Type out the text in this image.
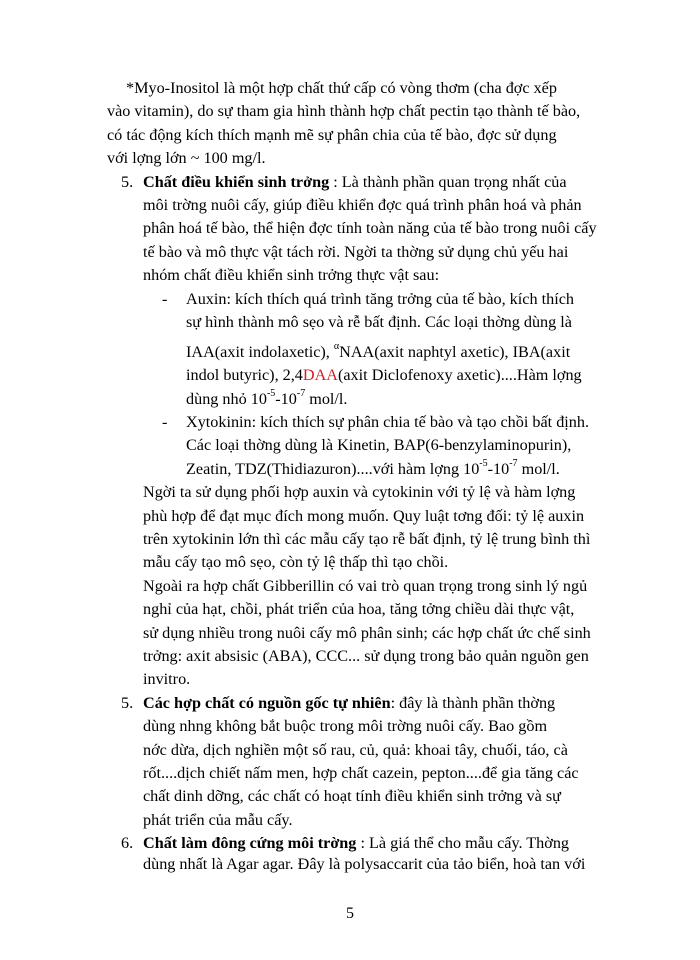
*Myo-Inositol là một hợp chất thứ cấp có vòng thơm (cha đợc xếp
vào vitamin), do sự tham gia hình thành hợp chất pectin tạo thành tế bào,
có tác động kích thích mạnh mẽ sự phân chia của tế bào, đợc sử dụng
với lợng lớn ~ 100 mg/l.
5. Chất điều khiển sinh trởng : Là thành phần quan trọng nhất của
môi trờng nuôi cấy, giúp điều khiển đợc quá trình phân hoá và phản
phân hoá tế bào, thể hiện đợc tính toàn năng của tế bào trong nuôi cấy
tế bào và mô thực vật tách rời. Ngời ta thờng sử dụng chủ yếu hai
nhóm chất điều khiển sinh trởng thực vật sau:
- Auxin: kích thích quá trình tăng trởng của tế bào, kích thích
sự hình thành mô sẹo và rễ bất định. Các loại thờng dùng là
IAA(axit indolaxetic), $^\alpha$NAA(axit naphtyl axetic), IBA(axit
indol butyric), 2,4DAA(axit Diclofenoxy axetic)....Hàm lợng
dùng nhỏ $10^{-5}-10^{-7}$ mol/l.
- Xytokinin: kích thích sự phân chia tế bào và tạo chồi bất định.
Các loại thờng dùng là Kinetin, BAP(6-benzylaminopurin),
Zeatin, TDZ(Thidiazuron)....với hàm lợng $10^{-5}-10^{-7}$ mol/l.
Ngời ta sử dụng phối hợp auxin và cytokinin với tỷ lệ và hàm lợng
phù hợp để đạt mục đích mong muốn. Quy luật tơng đối: tỷ lệ auxin
trên xytokinin lớn thì các mẫu cấy tạo rễ bất định, tỷ lệ trung bình thì
mẫu cấy tạo mô sẹo, còn tỷ lệ thấp thì tạo chồi.
Ngoài ra hợp chất Gibberillin có vai trò quan trọng trong sinh lý ngủ
nghỉ của hạt, chồi, phát triển của hoa, tăng tởng chiều dài thực vật,
sử dụng nhiều trong nuôi cấy mô phân sinh; các hợp chất ức chế sinh
trởng: axit absisic (ABA), CCC... sử dụng trong bảo quản nguồn gen
invitro.
5. Các hợp chất có nguồn gốc tự nhiên: đây là thành phần thờng
dùng nhng không bắt buộc trong môi trờng nuôi cấy. Bao gồm
nớc dừa, dịch nghiền một số rau, củ, quả: khoai tây, chuối, táo, cà
rốt....dịch chiết nấm men, hợp chất cazein, pepton....để gia tăng các
chất dinh dỡng, các chất có hoạt tính điều khiển sinh trởng và sự
phát triển của mẫu cấy.
6. Chất làm đông cứng môi trờng : Là giá thể cho mẫu cấy. Thờng
dùng nhất là Agar agar. Đây là polysaccarit của tảo biển, hoà tan với
5
